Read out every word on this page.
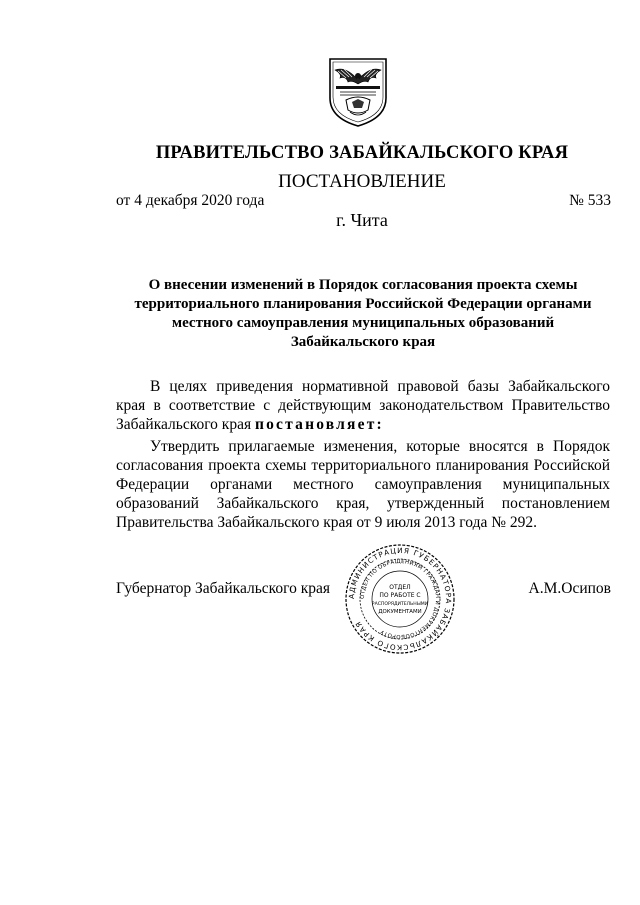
ПРАВИТЕЛЬСТВО ЗАБАЙКАЛЬСКОГО КРАЯ
ПОСТАНОВЛЕНИЕ
от 4 декабря 2020 года	№ 533
г. Чита
О внесении изменений в Порядок согласования проекта схемы
территориального планирования Российской Федерации органами
местного самоуправления муниципальных образований
Забайкальского края
В целях приведения нормативной правовой базы Забайкальского края в соответствие с действующим законодательством Правительство Забайкальского края постановляет:
Утвердить прилагаемые изменения, которые вносятся в Порядок согласования проекта схемы территориального планирования Российской Федерации органами местного самоуправления муниципальных образований Забайкальского края, утвержденный постановлением Правительства Забайкальского края от 9 июля 2013 года № 292.
Губернатор Забайкальского края	А.М.Осипов
АДМИНИСТРАЦИЯ ГУБЕРНАТОРА ЗАБАЙКАЛЬСКОГО КРАЯ
ОТДЕЛ ПО ОБРАЩЕНИЯМ ГРАЖДАН И ДОКУМЕНТООБОРОТУ
ОТДЕЛ
ПО РАБОТЕ С
РАСПОРЯДИТЕЛЬНЫМИ
ДОКУМЕНТАМИ
